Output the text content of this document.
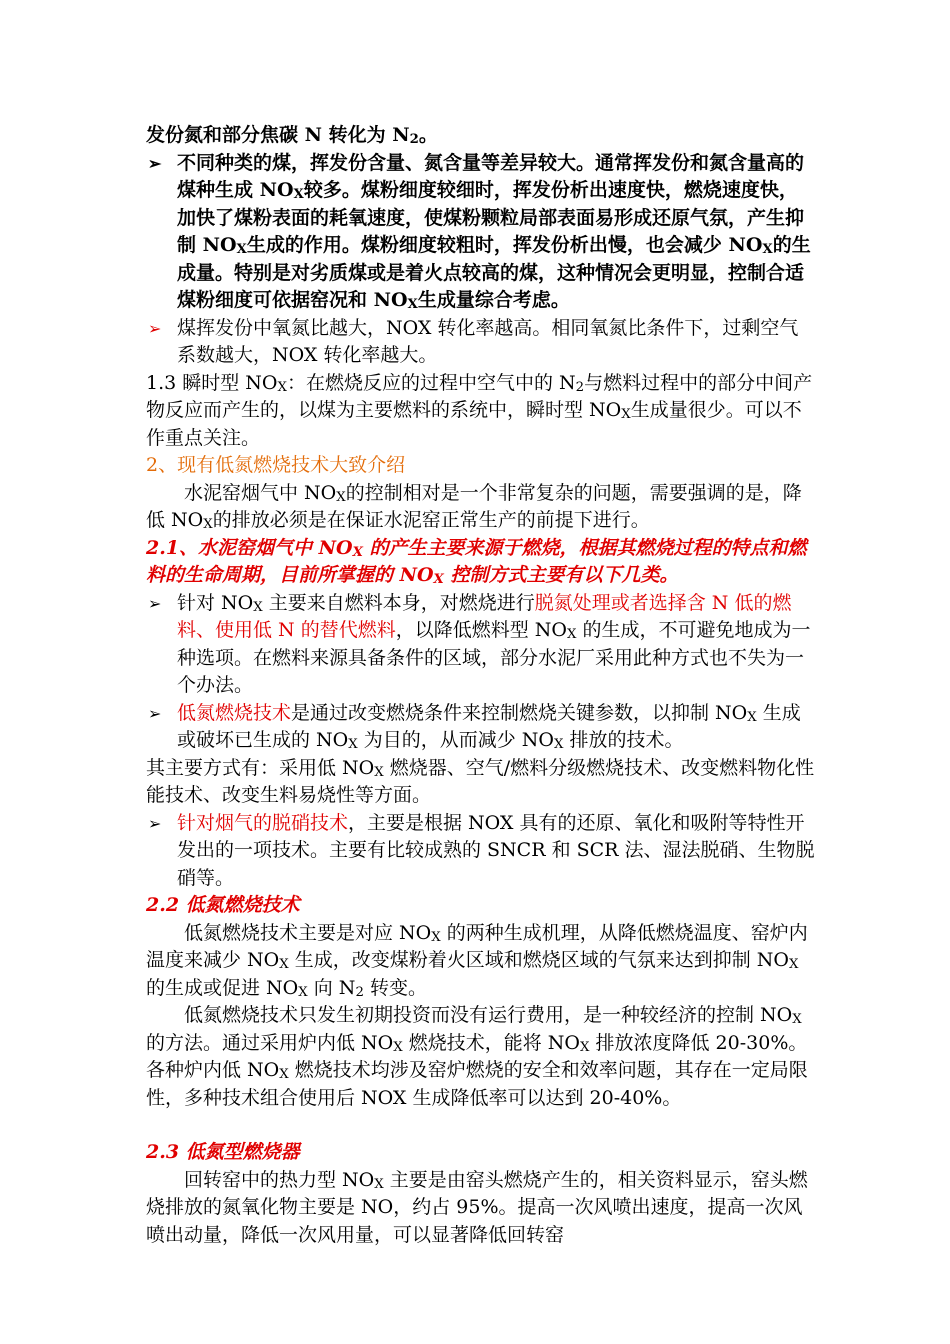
发份氮和部分焦碳 N 转化为 N2。

➢ 不同种类的煤，挥发份含量、氮含量等差异较大。通常挥发份和氮含量高的煤种生成 NOX较多。煤粉细度较细时，挥发份析出速度快，燃烧速度快，加快了煤粉表面的耗氧速度，使煤粉颗粒局部表面易形成还原气氛，产生抑制 NOX生成的作用。煤粉细度较粗时，挥发份析出慢，也会减少 NOX的生成量。特别是对劣质煤或是着火点较高的煤，这种情况会更明显，控制合适煤粉细度可依据窑况和 NOX生成量综合考虑。
➢ 煤挥发份中氧氮比越大，NOX 转化率越高。相同氧氮比条件下，过剩空气系数越大，NOX 转化率越大。

1.3 瞬时型 NOX：在燃烧反应的过程中空气中的 N2与燃料过程中的部分中间产物反应而产生的，以煤为主要燃料的系统中，瞬时型 NOX生成量很少。可以不作重点关注。

2、现有低氮燃烧技术大致介绍

水泥窑烟气中 NOX的控制相对是一个非常复杂的问题，需要强调的是，降低 NOX的排放必须是在保证水泥窑正常生产的前提下进行。

2.1、水泥窑烟气中 NOX 的产生主要来源于燃烧，根据其燃烧过程的特点和燃料的生命周期，目前所掌握的 NOX 控制方式主要有以下几类。

➢ 针对 NOX 主要来自燃料本身，对燃烧进行脱氮处理或者选择含 N 低的燃料、使用低 N 的替代燃料，以降低燃料型 NOX 的生成，不可避免地成为一种选项。在燃料来源具备条件的区域，部分水泥厂采用此种方式也不失为一个办法。
➢ 低氮燃烧技术是通过改变燃烧条件来控制燃烧关键参数，以抑制 NOX 生成或破坏已生成的 NOX 为目的，从而减少 NOX 排放的技术。

其主要方式有：采用低 NOX 燃烧器、空气/燃料分级燃烧技术、改变燃料物化性能技术、改变生料易烧性等方面。

➢ 针对烟气的脱硝技术，主要是根据 NOX 具有的还原、氧化和吸附等特性开发出的一项技术。主要有比较成熟的 SNCR 和 SCR 法、湿法脱硝、生物脱硝等。

2.2 低氮燃烧技术

低氮燃烧技术主要是对应 NOX 的两种生成机理，从降低燃烧温度、窑炉内温度来减少 NOX 生成，改变煤粉着火区域和燃烧区域的气氛来达到抑制 NOX 的生成或促进 NOX 向 N2 转变。

低氮燃烧技术只发生初期投资而没有运行费用，是一种较经济的控制 NOX 的方法。通过采用炉内低 NOX 燃烧技术，能将 NOX 排放浓度降低 20-30%。各种炉内低 NOX 燃烧技术均涉及窑炉燃烧的安全和效率问题，其存在一定局限性，多种技术组合使用后 NOX 生成降低率可以达到 20-40%。

2.3 低氮型燃烧器

回转窑中的热力型 NOX 主要是由窑头燃烧产生的，相关资料显示，窑头燃烧排放的氮氧化物主要是 NO，约占 95%。提高一次风喷出速度，提高一次风喷出动量，降低一次风用量，可以显著降低回转窑
